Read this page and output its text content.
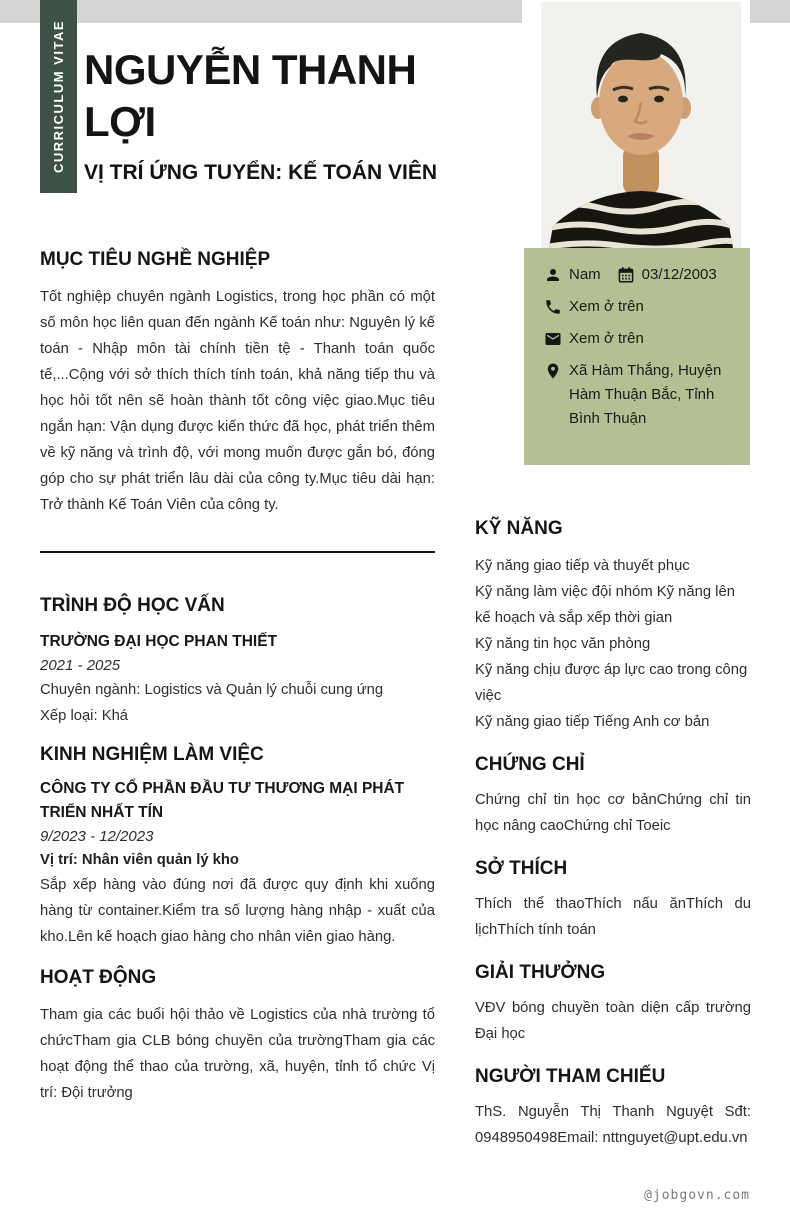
CURRICULUM VITAE NGUYỄN THANH LỢI
VỊ TRÍ ỨNG TUYỂN: KẾ TOÁN VIÊN
Nam	03/12/2003
Xem ở trên
Xem ở trên
Xã Hàm Thắng, Huyện Hàm Thuận Bắc, Tỉnh Bình Thuận
MỤC TIÊU NGHỀ NGHIỆP

Tốt nghiệp chuyên ngành Logistics, trong học phần có một số môn học liên quan đến ngành Kế toán như: Nguyên lý kế toán - Nhập môn tài chính tiền tệ - Thanh toán quốc tế,...Cộng với sở thích thích tính toán, khả năng tiếp thu và học hỏi tốt nên sẽ hoàn thành tốt công việc giao.Mục tiêu ngắn hạn: Vận dụng được kiến thức đã học, phát triển thêm về kỹ năng và trình độ, với mong muốn được gắn bó, đóng góp cho sự phát triển lâu dài của công ty.Mục tiêu dài hạn: Trở thành Kế Toán Viên của công ty.

TRÌNH ĐỘ HỌC VẤN
TRƯỜNG ĐẠI HỌC PHAN THIẾT
2021 - 2025

Chuyên ngành: Logistics và Quản lý chuỗi cung ứng

Xếp loại: Khá

KINH NGHIỆM LÀM VIỆC
CÔNG TY CỔ PHẦN ĐẦU TƯ THƯƠNG MẠI PHÁT TRIỂN NHẤT TÍN
9/2023 - 12/2023

Vị trí: Nhân viên quản lý kho

Sắp xếp hàng vào đúng nơi đã được quy định khi xuống hàng từ container.Kiểm tra số lượng hàng nhập - xuất của kho.Lên kế hoạch giao hàng cho nhân viên giao hàng.

HOẠT ĐỘNG

Tham gia các buổi hội thảo về Logistics của nhà trường tổ chứcTham gia CLB bóng chuyền của trườngTham gia các hoạt động thể thao của trường, xã, huyện, tỉnh tổ chức Vị trí: Đội trưởng

KỸ NĂNG

Kỹ năng giao tiếp và thuyết phục

Kỹ năng làm việc đội nhóm Kỹ năng lên kế hoạch và sắp xếp thời gian

Kỹ năng tin học văn phòng

Kỹ năng chịu được áp lực cao trong công việc

Kỹ năng giao tiếp Tiếng Anh cơ bản

CHỨNG CHỈ

Chứng chỉ tin học cơ bảnChứng chỉ tin học nâng caoChứng chỉ Toeic

SỞ THÍCH

Thích thể thaoThích nấu ănThích du lịchThích tính toán

GIẢI THƯỞNG

VĐV bóng chuyền toàn diện cấp trường Đại học

NGƯỜI THAM CHIẾU

ThS. Nguyễn Thị Thanh Nguyệt Sđt: 0948950498Email: nttnguyet@upt.edu.vn

@jobgovn.com
